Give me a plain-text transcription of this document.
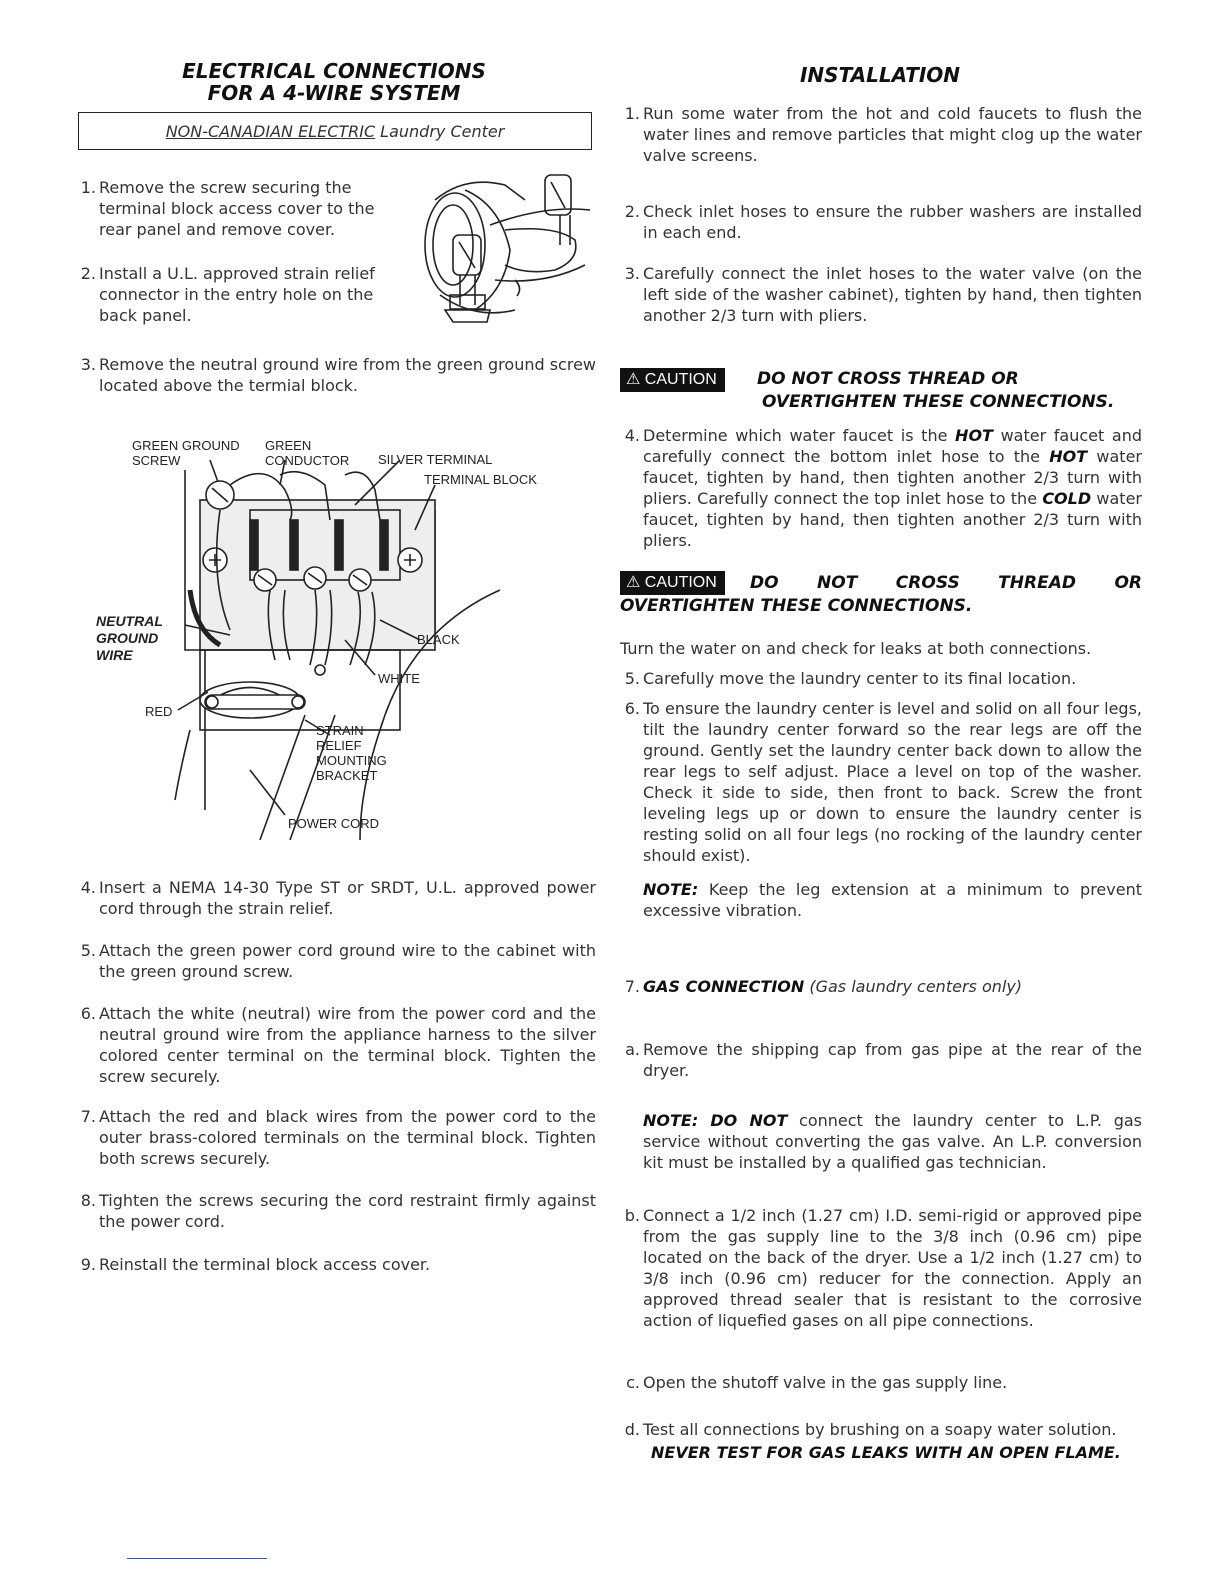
ELECTRICAL CONNECTIONS

FOR A 4-WIRE SYSTEM

NON-CANADIAN ELECTRIC Laundry Center
1. Remove the screw securing the terminal block access cover to the rear panel and remove cover.
2. Install a U.L. approved strain relief connector in the entry hole on the back panel.
3. Remove the neutral ground wire from the green ground screw located above the termial block.
GREEN GROUND
SCREW
GREEN
CONDUCTOR SILVER TERMINAL
TERMINAL BLOCK
NEUTRAL
GROUND
WIRE
BLACK
WHITE
RED
STRAIN
RELIEF
MOUNTING
BRACKET
POWER CORD
4. Insert a NEMA 14-30 Type ST or SRDT, U.L. approved power cord through the strain relief.
5. Attach the green power cord ground wire to the cabinet with the green ground screw.
6. Attach the white (neutral) wire from the power cord and the neutral ground wire from the appliance harness to the silver colored center terminal on the terminal block. Tighten the screw securely.
7. Attach the red and black wires from the power cord to the outer brass-colored terminals on the terminal block. Tighten both screws securely.
8. Tighten the screws securing the cord restraint firmly against the power cord.
9. Reinstall the terminal block access cover.

INSTALLATION

1. Run some water from the hot and cold faucets to flush the water lines and remove particles that might clog up the water valve screens.
2. Check inlet hoses to ensure the rubber washers are installed in each end.
3. Carefully connect the inlet hoses to the water valve (on the left side of the washer cabinet), tighten by hand, then tighten another 2/3 turn with pliers.
⚠ CAUTION	DO NOT CROSS THREAD OR
OVERTIGHTEN THESE CONNECTIONS.
4. Determine which water faucet is the HOT water faucet and carefully connect the bottom inlet hose to the HOT water faucet, tighten by hand, then tighten another 2/3 turn with pliers. Carefully connect the top inlet hose to the COLD water faucet, tighten by hand, then tighten another 2/3 turn with pliers.
⚠ CAUTION	DO NOT CROSS THREAD OR
OVERTIGHTEN THESE CONNECTIONS.
Turn the water on and check for leaks at both connections.
5. Carefully move the laundry center to its final location.
6. To ensure the laundry center is level and solid on all four legs, tilt the laundry center forward so the rear legs are off the ground. Gently set the laundry center back down to allow the rear legs to self adjust. Place a level on top of the washer. Check it side to side, then front to back. Screw the front leveling legs up or down to ensure the laundry center is resting solid on all four legs (no rocking of the laundry center should exist).
NOTE: Keep the leg extension at a minimum to prevent excessive vibration.
7. GAS CONNECTION (Gas laundry centers only)
a. Remove the shipping cap from gas pipe at the rear of the dryer.
NOTE: DO NOT connect the laundry center to L.P. gas service without converting the gas valve. An L.P. conversion kit must be installed by a qualified gas technician.
b. Connect a 1/2 inch (1.27 cm) I.D. semi-rigid or approved pipe from the gas supply line to the 3/8 inch (0.96 cm) pipe located on the back of the dryer. Use a 1/2 inch (1.27 cm) to 3/8 inch (0.96 cm) reducer for the connection. Apply an approved thread sealer that is resistant to the corrosive action of liquefied gases on all pipe connections.
c. Open the shutoff valve in the gas supply line.
d. Test all connections by brushing on a soapy water solution.
NEVER TEST FOR GAS LEAKS WITH AN OPEN FLAME.
